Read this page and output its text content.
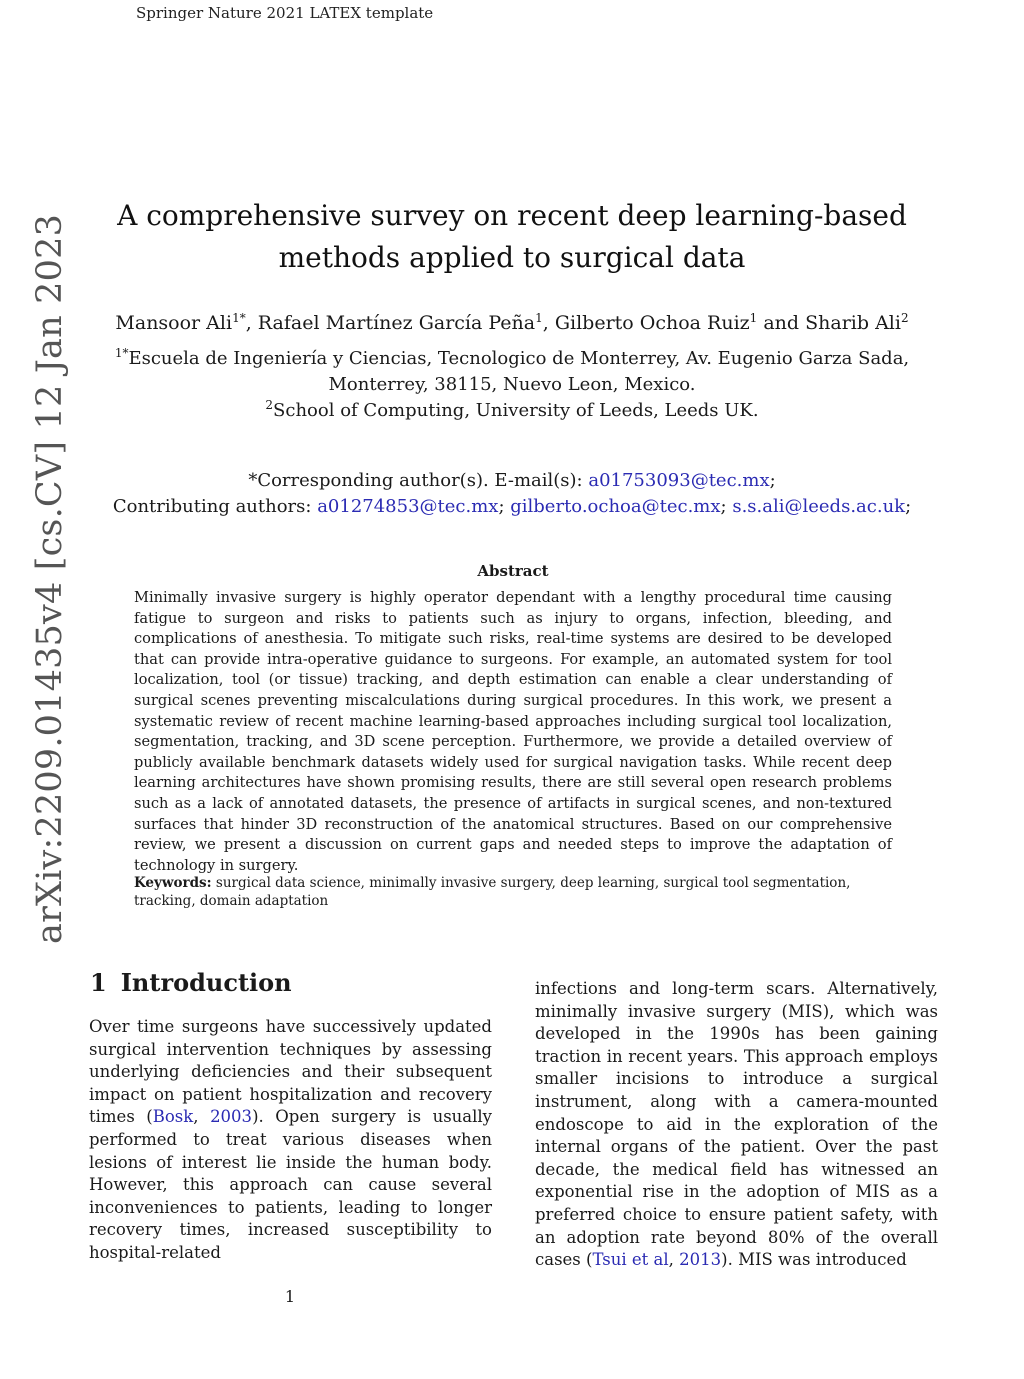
Springer Nature 2021 LATEX template
arXiv:2209.01435v4 [cs.CV] 12 Jan 2023	A comprehensive survey on recent deep learning-based methods applied to surgical data
Mansoor Ali$^{1*}$, Rafael Martínez García Peña$^1$, Gilberto Ochoa Ruiz$^1$ and Sharib Ali$^2$
$^{1*}$Escuela de Ingeniería y Ciencias, Tecnologico de Monterrey, Av. Eugenio Garza Sada, Monterrey, 38115, Nuevo Leon, Mexico.
$^2$School of Computing, University of Leeds, Leeds UK.
*Corresponding author(s). E-mail(s): a01753093@tec.mx;
Contributing authors: a01274853@tec.mx; gilberto.ochoa@tec.mx; s.s.ali@leeds.ac.uk;
Abstract
Minimally invasive surgery is highly operator dependant with a lengthy procedural time causing fatigue to surgeon and risks to patients such as injury to organs, infection, bleeding, and complications of anesthesia. To mitigate such risks, real-time systems are desired to be developed that can provide intra-operative guidance to surgeons. For example, an automated system for tool localization, tool (or tissue) tracking, and depth estimation can enable a clear understanding of surgical scenes preventing miscalculations during surgical procedures. In this work, we present a systematic review of recent machine learning-based approaches including surgical tool localization, segmentation, tracking, and 3D scene perception. Furthermore, we provide a detailed overview of publicly available benchmark datasets widely used for surgical navigation tasks. While recent deep learning architectures have shown promising results, there are still several open research problems such as a lack of annotated datasets, the presence of artifacts in surgical scenes, and non-textured surfaces that hinder 3D reconstruction of the anatomical structures. Based on our comprehensive review, we present a discussion on current gaps and needed steps to improve the adaptation of technology in surgery.
Keywords: surgical data science, minimally invasive surgery, deep learning, surgical tool segmentation, tracking, domain adaptation
1 Introduction
Over time surgeons have successively updated surgical intervention techniques by assessing underlying deficiencies and their subsequent impact on patient hospitalization and recovery times (Bosk, 2003). Open surgery is usually performed to treat various diseases when lesions of interest lie inside the human body. However, this approach can cause several inconveniences to patients, leading to longer recovery times, increased susceptibility to hospital-related
infections and long-term scars. Alternatively, minimally invasive surgery (MIS), which was developed in the 1990s has been gaining traction in recent years. This approach employs smaller incisions to introduce a surgical instrument, along with a camera-mounted endoscope to aid in the exploration of the internal organs of the patient. Over the past decade, the medical field has witnessed an exponential rise in the adoption of MIS as a preferred choice to ensure patient safety, with an adoption rate beyond 80% of the overall cases (Tsui et al, 2013). MIS was introduced
1
